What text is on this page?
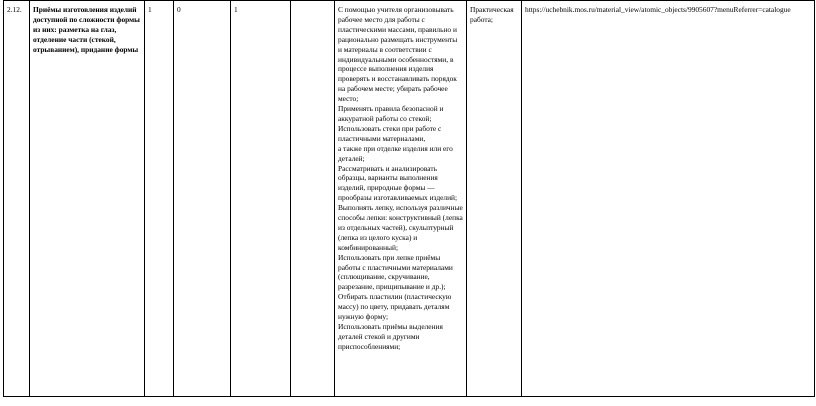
2.12.	Приёмы изготовления изделий доступной по сложности формы из них: разметка на глаз, отделение части (стекой, отрыванием), придание формы	1	0	1		С помощью учителя организовывать рабочее место для работы с пластическими массами, правильно и рационально размещать инструменты и материалы в соответствии с индивидуальными особенностями, в процессе выполнения изделия проверять и восстанавливать порядок на рабочем месте; убирать рабочее место;
Применять правила безопасной и аккуратной работы со стекой;
Использовать стеки при работе с пластичными материалами,
а также при отделке изделия или его деталей;
Рассматривать и анализировать образцы, варианты выполнения изделий, природные формы — прообразы изготавливаемых изделий;
Выполнять лепку, используя различные способы лепки: конструктивный (лепка из отдельных частей), скульптурный (лепка из целого куска) и комбинированный;
Использовать при лепке приёмы работы с пластичными материалами (сплющивание, скручивание, разрезание, прищипывание и др.);
Отбирать пластилин (пластическую массу) по цвету, придавать деталям нужную форму;
Использовать приёмы выделения деталей стекой и другими приспособлениями;
	Практическая работа;	https://uchebnik.mos.ru/material_view/atomic_objects/9905607?menuReferrer=catalogue
